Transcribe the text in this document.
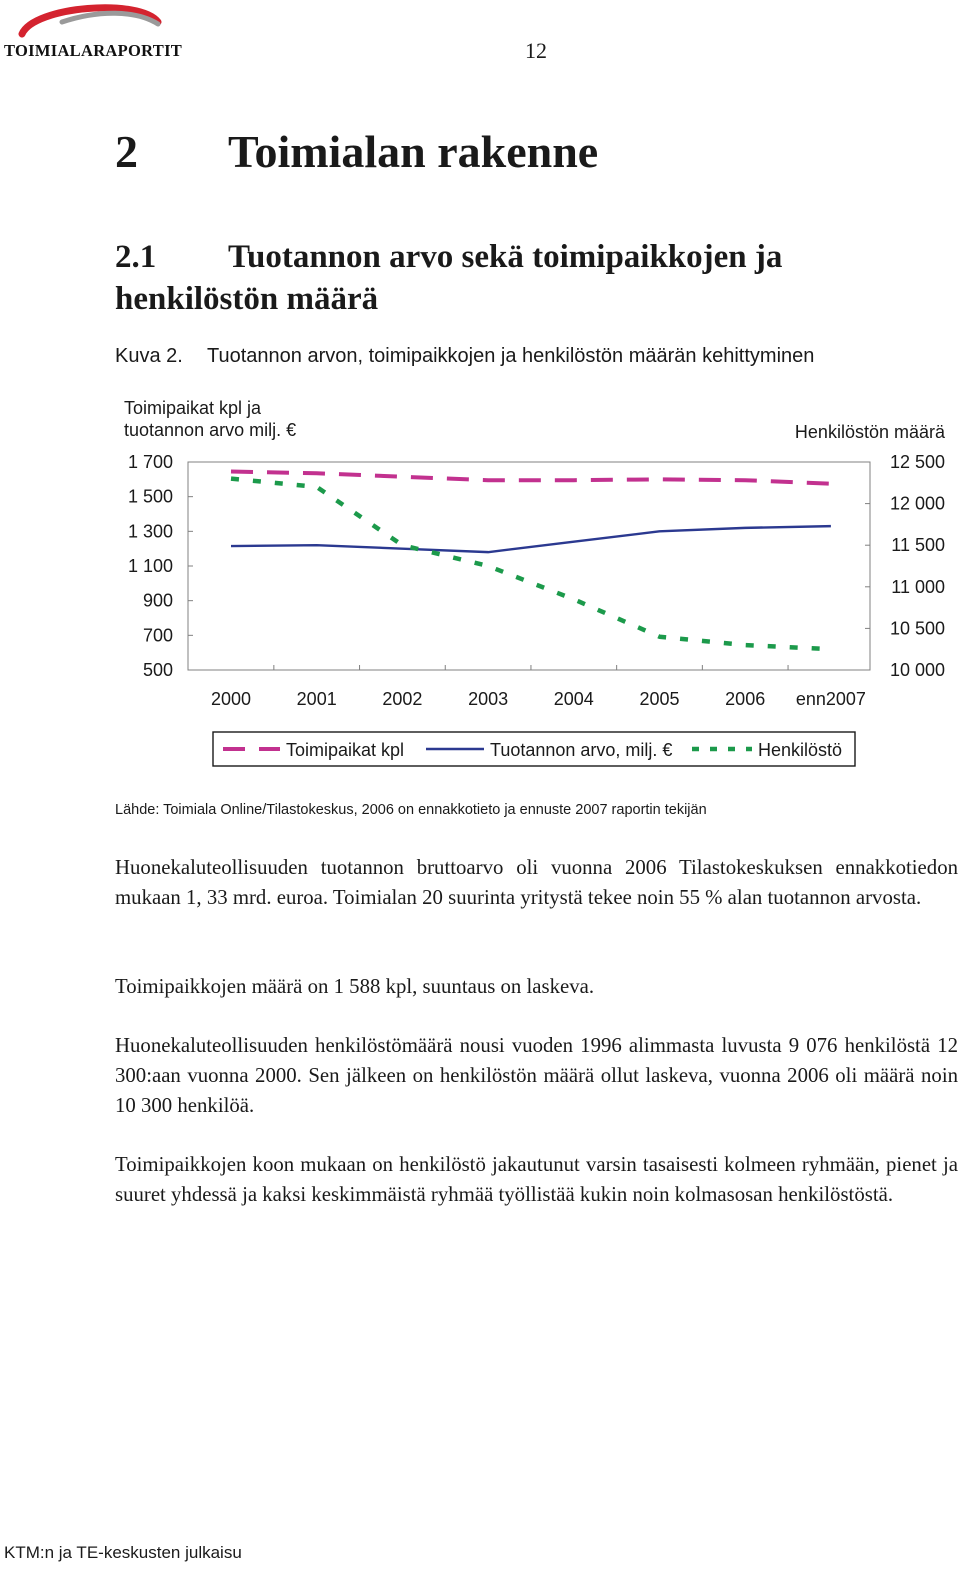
TOIMIALARAPORTIT	12
2 Toimialan rakenne
2.1 Tuotannon arvo sekä toimipaikkojen ja
henkilöstön määrä
Kuva 2. Tuotannon arvon, toimipaikkojen ja henkilöstön määrän kehittyminen
Toimipaikat kpl ja
tuotannon arvo milj. €	Henkilöstön määrä
1 700
1 500
1 300
1 100
900
700
500
12 500
12 000
11 500
11 000
10 500
10 000
2000	2001	2002	2003	2004	2005	2006 enn2007
Toimipaikat kpl	Tuotannon arvo, milj. €	Henkilöstö
Lähde: Toimiala Online/Tilastokeskus, 2006 on ennakkotieto ja ennuste 2007 raportin tekijän

Huonekaluteollisuuden tuotannon bruttoarvo oli vuonna 2006 Tilastokeskuksen ennakkotiedon mukaan 1, 33 mrd. euroa. Toimialan 20 suurinta yritystä tekee noin 55 % alan tuotannon arvosta.

Toimipaikkojen määrä on 1 588 kpl, suuntaus on laskeva.

Huonekaluteollisuuden henkilöstömäärä nousi vuoden 1996 alimmasta luvusta 9 076 henkilöstä 12 300:aan vuonna 2000. Sen jälkeen on henkilöstön määrä ollut laskeva, vuonna 2006 oli määrä noin 10 300 henkilöä.

Toimipaikkojen koon mukaan on henkilöstö jakautunut varsin tasaisesti kolmeen ryhmään, pienet ja suuret yhdessä ja kaksi keskimmäistä ryhmää työllistää kukin noin kolmasosan henkilöstöstä.

KTM:n ja TE-keskusten julkaisu
